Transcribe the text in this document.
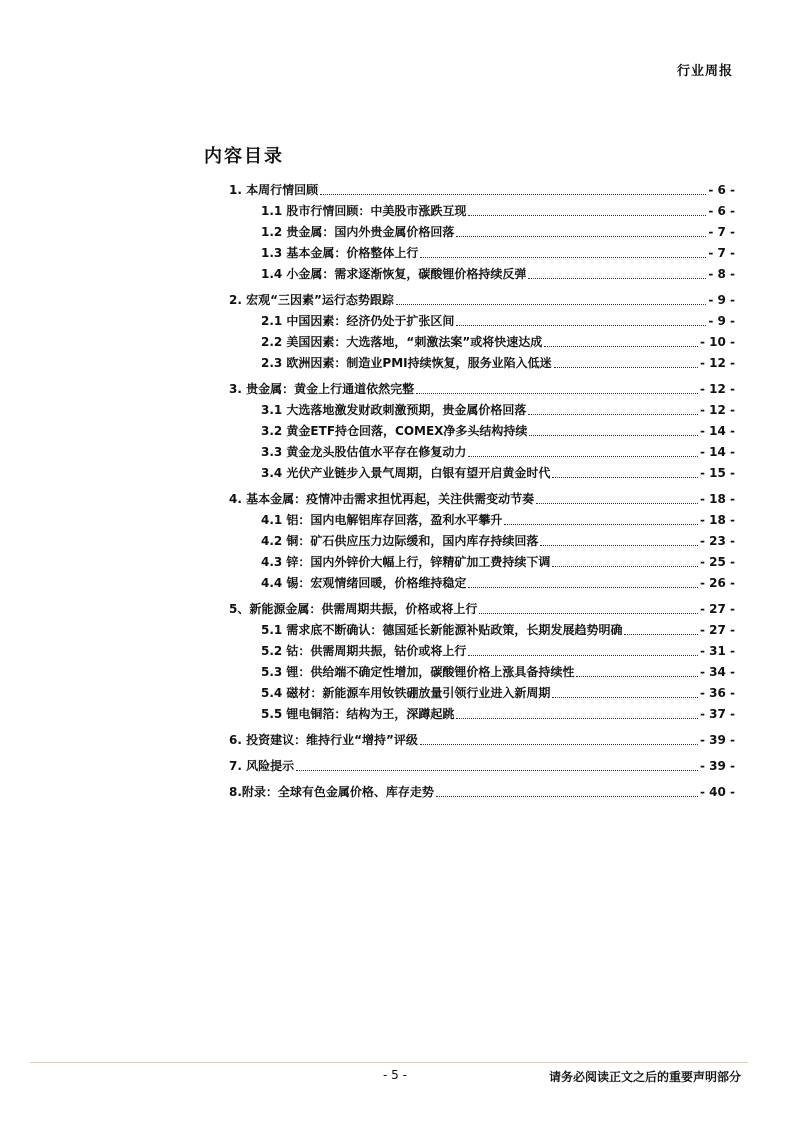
行业周报
内容目录
1. 本周行情回顾	- 6 -
1.1 股市行情回顾：中美股市涨跌互现	- 6 -
1.2 贵金属：国内外贵金属价格回落	- 7 -
1.3 基本金属：价格整体上行	- 7 -
1.4 小金属：需求逐渐恢复，碳酸锂价格持续反弹	- 8 -
2. 宏观“三因素”运行态势跟踪	- 9 -
2.1 中国因素：经济仍处于扩张区间	- 9 -
2.2 美国因素：大选落地，“刺激法案”或将快速达成	- 10 -
2.3 欧洲因素：制造业PMI持续恢复，服务业陷入低迷	- 12 -
3. 贵金属：黄金上行通道依然完整	- 12 -
3.1 大选落地激发财政刺激预期，贵金属价格回落	- 12 -
3.2 黄金ETF持仓回落，COMEX净多头结构持续	- 14 -
3.3 黄金龙头股估值水平存在修复动力	- 14 -
3.4 光伏产业链步入景气周期，白银有望开启黄金时代	- 15 -
4. 基本金属：疫情冲击需求担忧再起，关注供需变动节奏	- 18 -
4.1 铝：国内电解铝库存回落，盈利水平攀升	- 18 -
4.2 铜：矿石供应压力边际缓和，国内库存持续回落	- 23 -
4.3 锌：国内外锌价大幅上行，锌精矿加工费持续下调	- 25 -
4.4 锡：宏观情绪回暖，价格维持稳定	- 26 -
5、新能源金属：供需周期共振，价格或将上行	- 27 -
5.1 需求底不断确认：德国延长新能源补贴政策，长期发展趋势明确	- 27 -
5.2 钴：供需周期共振，钴价或将上行	- 31 -
5.3 锂：供给端不确定性增加，碳酸锂价格上涨具备持续性	- 34 -
5.4 磁材：新能源车用钕铁硼放量引领行业进入新周期	- 36 -
5.5 锂电铜箔：结构为王，深蹲起跳	- 37 -
6. 投资建议：维持行业“增持”评级	- 39 -
7. 风险提示	- 39 -
8.附录：全球有色金属价格、库存走势	- 40 -
- 5 -	请务必阅读正文之后的重要声明部分
